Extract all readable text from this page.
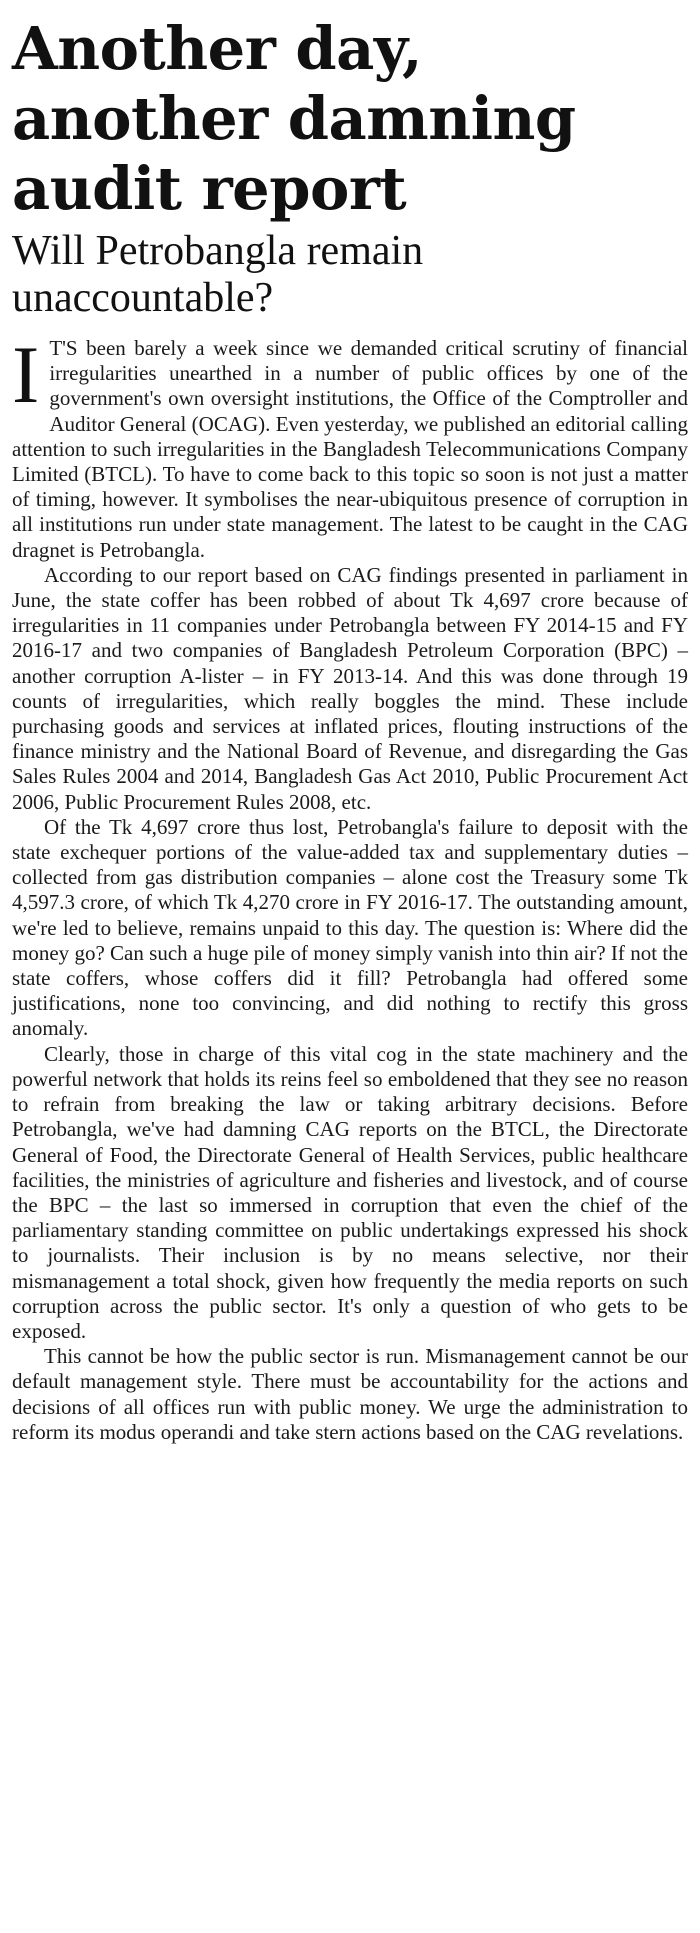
Another day, another damning audit report
Will Petrobangla remain unaccountable?

I T'S been barely a week since we demanded critical scrutiny of financial irregularities unearthed in a number of public offices by one of the government's own oversight institutions, the Office of the Comptroller and Auditor General (OCAG). Even yesterday, we published an editorial calling attention to such irregularities in the Bangladesh Telecommunications Company Limited (BTCL). To have to come back to this topic so soon is not just a matter of timing, however. It symbolises the near-ubiquitous presence of corruption in all institutions run under state management. The latest to be caught in the CAG dragnet is Petrobangla.

According to our report based on CAG findings presented in parliament in June, the state coffer has been robbed of about Tk 4,697 crore because of irregularities in 11 companies under Petrobangla between FY 2014-15 and FY 2016-17 and two companies of Bangladesh Petroleum Corporation (BPC) – another corruption A-lister – in FY 2013-14. And this was done through 19 counts of irregularities, which really boggles the mind. These include purchasing goods and services at inflated prices, flouting instructions of the finance ministry and the National Board of Revenue, and disregarding the Gas Sales Rules 2004 and 2014, Bangladesh Gas Act 2010, Public Procurement Act 2006, Public Procurement Rules 2008, etc.

Of the Tk 4,697 crore thus lost, Petrobangla's failure to deposit with the state exchequer portions of the value-added tax and supplementary duties – collected from gas distribution companies – alone cost the Treasury some Tk 4,597.3 crore, of which Tk 4,270 crore in FY 2016-17. The outstanding amount, we're led to believe, remains unpaid to this day. The question is: Where did the money go? Can such a huge pile of money simply vanish into thin air? If not the state coffers, whose coffers did it fill? Petrobangla had offered some justifications, none too convincing, and did nothing to rectify this gross anomaly.

Clearly, those in charge of this vital cog in the state machinery and the powerful network that holds its reins feel so emboldened that they see no reason to refrain from breaking the law or taking arbitrary decisions. Before Petrobangla, we've had damning CAG reports on the BTCL, the Directorate General of Food, the Directorate General of Health Services, public healthcare facilities, the ministries of agriculture and fisheries and livestock, and of course the BPC – the last so immersed in corruption that even the chief of the parliamentary standing committee on public undertakings expressed his shock to journalists. Their inclusion is by no means selective, nor their mismanagement a total shock, given how frequently the media reports on such corruption across the public sector. It's only a question of who gets to be exposed.

This cannot be how the public sector is run. Mismanagement cannot be our default management style. There must be accountability for the actions and decisions of all offices run with public money. We urge the administration to reform its modus operandi and take stern actions based on the CAG revelations.
